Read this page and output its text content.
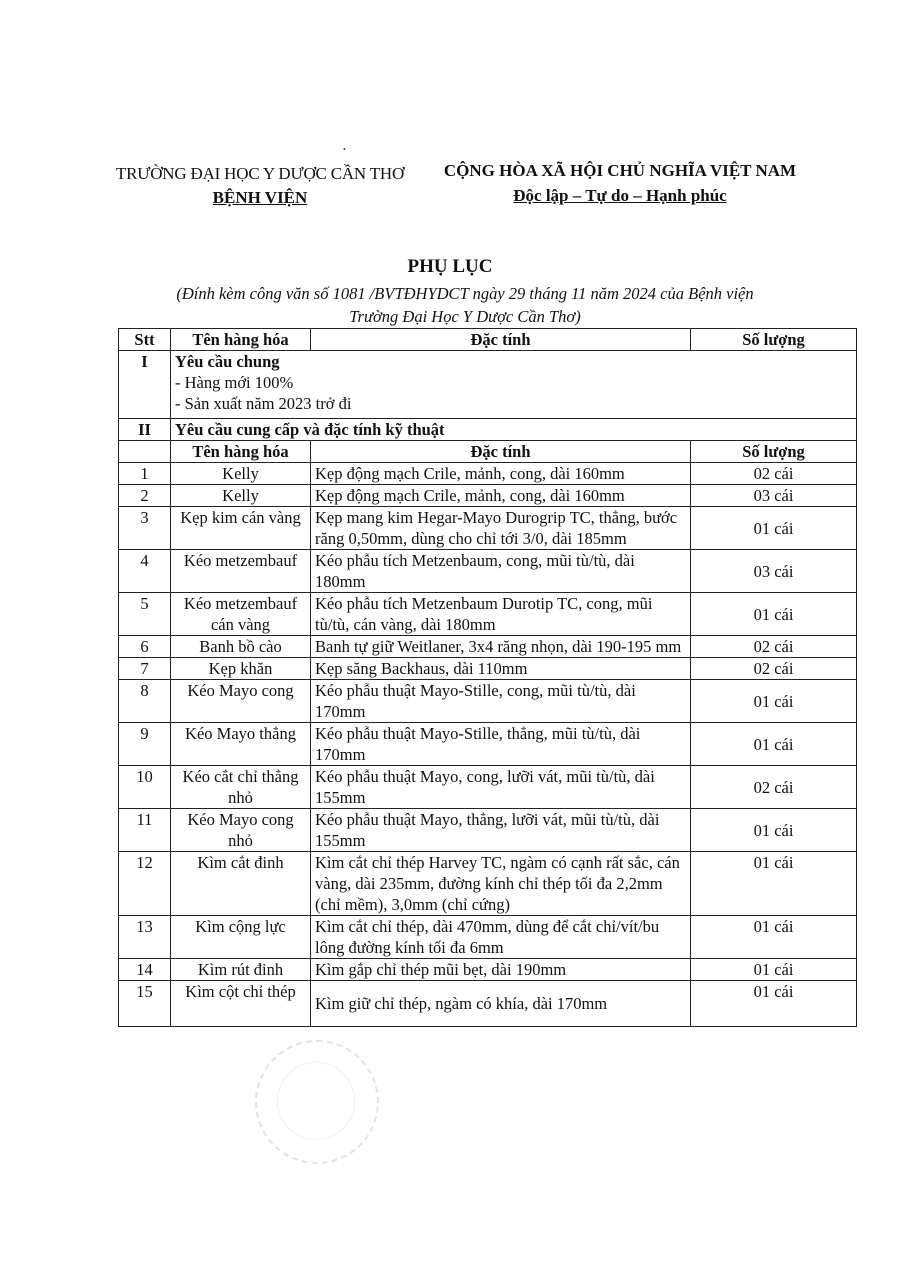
TRƯỜNG ĐẠI HỌC Y DƯỢC CẦN THƠ
BỆNH VIỆN
CỘNG HÒA XÃ HỘI CHỦ NGHĨA VIỆT NAM
Độc lập – Tự do – Hạnh phúc
•
PHỤ LỤC
(Đính kèm công văn số 1081 /BVTĐHYDCT ngày 29 tháng 11 năm 2024 của Bệnh viện
Trường Đại Học Y Dược Cần Thơ)
Stt	Tên hàng hóa	Đặc tính	Số lượng
I	Yêu cầu chung
- Hàng mới 100%
- Sản xuất năm 2023 trở đi		

II	Yêu cầu cung cấp và đặc tính kỹ thuật		
	Tên hàng hóa	Đặc tính	Số lượng
1	Kelly	Kẹp động mạch Crile, mảnh, cong, dài 160mm	02 cái
2	Kelly	Kẹp động mạch Crile, mảnh, cong, dài 160mm	03 cái
3	Kẹp kim cán vàng	Kẹp mang kim Hegar-Mayo Durogrip TC, thẳng, bước răng 0,50mm, dùng cho chỉ tới 3/0, dài 185mm	01 cái
4	Kéo metzembauf	Kéo phẫu tích Metzenbaum, cong, mũi tù/tù, dài 180mm	03 cái
5	Kéo metzembauf cán vàng	Kéo phẫu tích Metzenbaum Durotip TC, cong, mũi tù/tù, cán vàng, dài 180mm	01 cái
6	Banh bồ cào	Banh tự giữ Weitlaner, 3x4 răng nhọn, dài 190-195 mm	02 cái
7	Kẹp khăn	Kẹp săng Backhaus, dài 110mm	02 cái
8	Kéo Mayo cong	Kéo phẫu thuật Mayo-Stille, cong, mũi tù/tù, dài 170mm	01 cái
9	Kéo Mayo thẳng	Kéo phẫu thuật Mayo-Stille, thẳng, mũi tù/tù, dài 170mm	01 cái
10	Kéo cắt chỉ thẳng nhỏ	Kéo phẫu thuật Mayo, cong, lưỡi vát, mũi tù/tù, dài 155mm	02 cái
11	Kéo Mayo cong nhỏ	Kéo phẫu thuật Mayo, thẳng, lưỡi vát, mũi tù/tù, dài 155mm	01 cái
12	Kìm cắt đinh	Kìm cắt chỉ thép Harvey TC, ngàm có cạnh rất sắc, cán vàng, dài 235mm, đường kính chỉ thép tối đa 2,2mm (chỉ mềm), 3,0mm (chỉ cứng)	01 cái
13	Kìm cộng lực	Kìm cắt chỉ thép, dài 470mm, dùng để cắt chỉ/vít/bu lông đường kính tối đa 6mm	01 cái
14	Kìm rút đinh	Kìm gắp chỉ thép mũi bẹt, dài 190mm	01 cái
15	Kìm cột chỉ thép	Kìm giữ chỉ thép, ngàm có khía, dài 170mm	01 cái
